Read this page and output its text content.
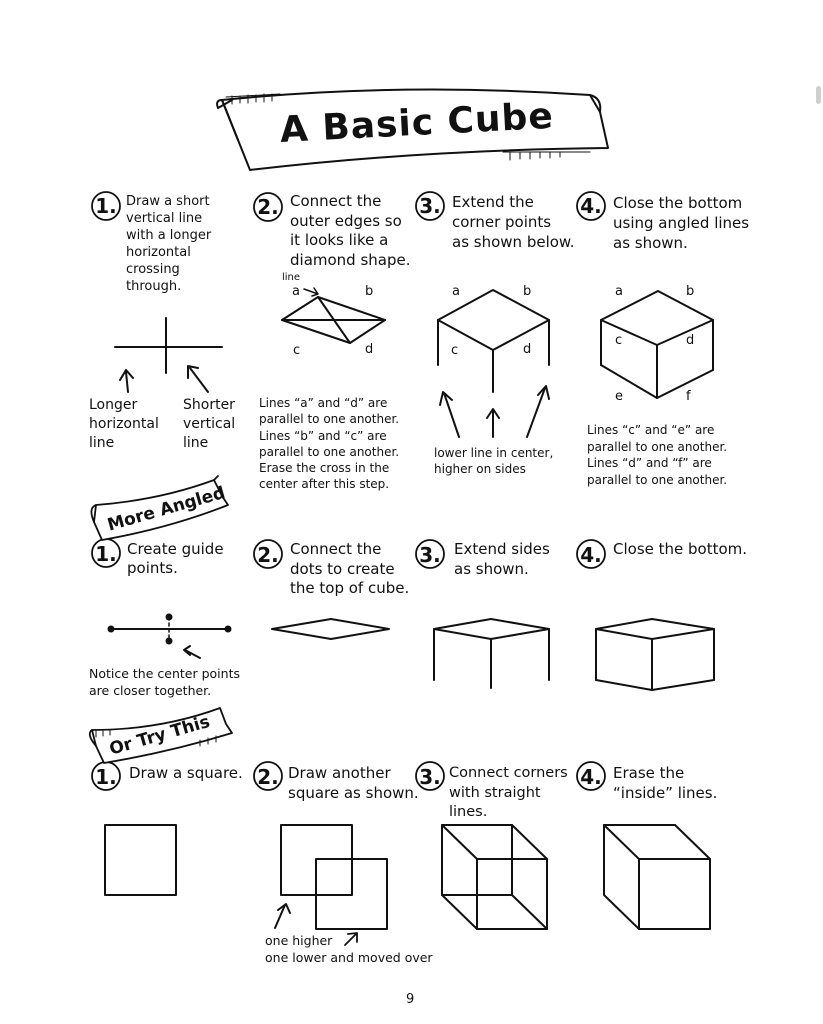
A Basic Cube
More Angled
Or Try This
1. Draw a short
vertical line
with a longer
horizontal
crossing
through.
2. Connect the
outer edges so
it looks like a
diamond shape.
3. Extend the
corner points
as shown below.
4. Close the bottom
using angled lines
as shown.
line
a	b
c	d
a	b
c	d
a	b
c	d
e	f
Longer
horizontal
line
Shorter
vertical
line
Lines “a” and “d” are
parallel to one another.
Lines “b” and “c” are
parallel to one another.
Erase the cross in the
center after this step.
lower line in center,
higher on sides
Lines “c” and “e” are
parallel to one another.
Lines “d” and “f” are
parallel to one another.
1. Create guide
points.
2. Connect the
dots to create
the top of cube.
3. Extend sides
as shown.
4. Close the bottom.
Notice the center points
are closer together.
1. Draw a square. 2. Draw another
square as shown.
3. Connect corners
with straight
lines.
4. Erase the
“inside” lines.
one higher
one lower and moved over
9
